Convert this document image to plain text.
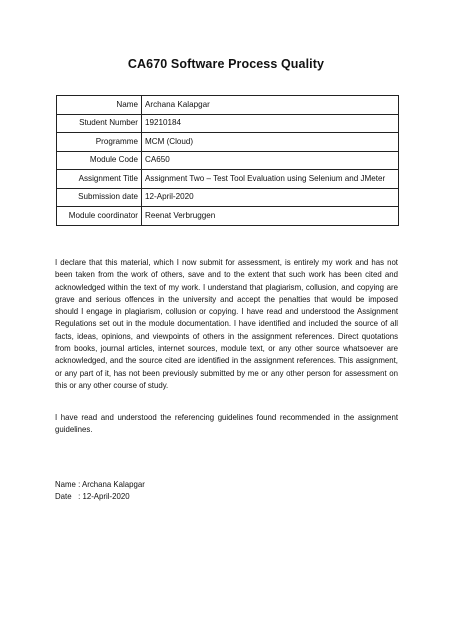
CA670 Software Process Quality
Name	Archana Kalapgar
Student Number	19210184
Programme	MCM (Cloud)
Module Code	CA650
Assignment Title	Assignment Two – Test Tool Evaluation using Selenium and JMeter
Submission date	12-April-2020
Module coordinator	Reenat Verbruggen

I declare that this material, which I now submit for assessment, is entirely my work and has not been taken from the work of others, save and to the extent that such work has been cited and acknowledged within the text of my work. I understand that plagiarism, collusion, and copying are grave and serious offences in the university and accept the penalties that would be imposed should I engage in plagiarism, collusion or copying. I have read and understood the Assignment Regulations set out in the module documentation. I have identified and included the source of all facts, ideas, opinions, and viewpoints of others in the assignment references. Direct quotations from books, journal articles, internet sources, module text, or any other source whatsoever are acknowledged, and the source cited are identified in the assignment references. This assignment, or any part of it, has not been previously submitted by me or any other person for assessment on this or any other course of study.

I have read and understood the referencing guidelines found recommended in the assignment guidelines.

Name : Archana Kalapgar
Date   : 12-April-2020
